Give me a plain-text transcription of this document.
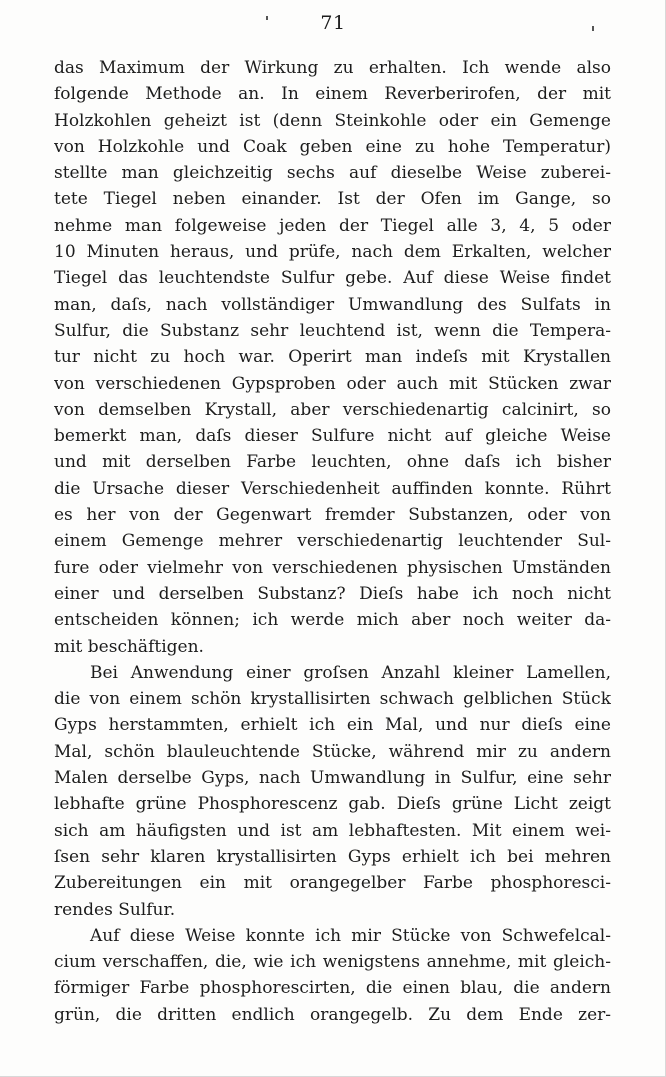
71
das Maximum der Wirkung zu erhalten. Ich wende also
folgende Methode an. In einem Reverberirofen, der mit
Holzkohlen geheizt ist (denn Steinkohle oder ein Gemenge
von Holzkohle und Coak geben eine zu hohe Temperatur)
stellte man gleichzeitig sechs auf dieselbe Weise zuberei-
tete Tiegel neben einander. Ist der Ofen im Gange, so
nehme man folgeweise jeden der Tiegel alle 3, 4, 5 oder
10 Minuten heraus, und prüfe, nach dem Erkalten, welcher
Tiegel das leuchtendste Sulfur gebe. Auf diese Weise findet
man, daſs, nach vollständiger Umwandlung des Sulfats in
Sulfur, die Substanz sehr leuchtend ist, wenn die Tempera-
tur nicht zu hoch war. Operirt man indeſs mit Krystallen
von verschiedenen Gypsproben oder auch mit Stücken zwar
von demselben Krystall, aber verschiedenartig calcinirt, so
bemerkt man, daſs dieser Sulfure nicht auf gleiche Weise
und mit derselben Farbe leuchten, ohne daſs ich bisher
die Ursache dieser Verschiedenheit auffinden konnte. Rührt
es her von der Gegenwart fremder Substanzen, oder von
einem Gemenge mehrer verschiedenartig leuchtender Sul-
fure oder vielmehr von verschiedenen physischen Umständen
einer und derselben Substanz? Dieſs habe ich noch nicht
entscheiden können; ich werde mich aber noch weiter da-
mit beschäftigen.
Bei Anwendung einer groſsen Anzahl kleiner Lamellen,
die von einem schön krystallisirten schwach gelblichen Stück
Gyps herstammten, erhielt ich ein Mal, und nur dieſs eine
Mal, schön blauleuchtende Stücke, während mir zu andern
Malen derselbe Gyps, nach Umwandlung in Sulfur, eine sehr
lebhafte grüne Phosphorescenz gab. Dieſs grüne Licht zeigt
sich am häufigsten und ist am lebhaftesten. Mit einem wei-
ſsen sehr klaren krystallisirten Gyps erhielt ich bei mehren
Zubereitungen ein mit orangegelber Farbe phosphoresci-
rendes Sulfur.
Auf diese Weise konnte ich mir Stücke von Schwefelcal-
cium verschaffen, die, wie ich wenigstens annehme, mit gleich-
förmiger Farbe phosphorescirten, die einen blau, die andern
grün, die dritten endlich orangegelb. Zu dem Ende zer-
